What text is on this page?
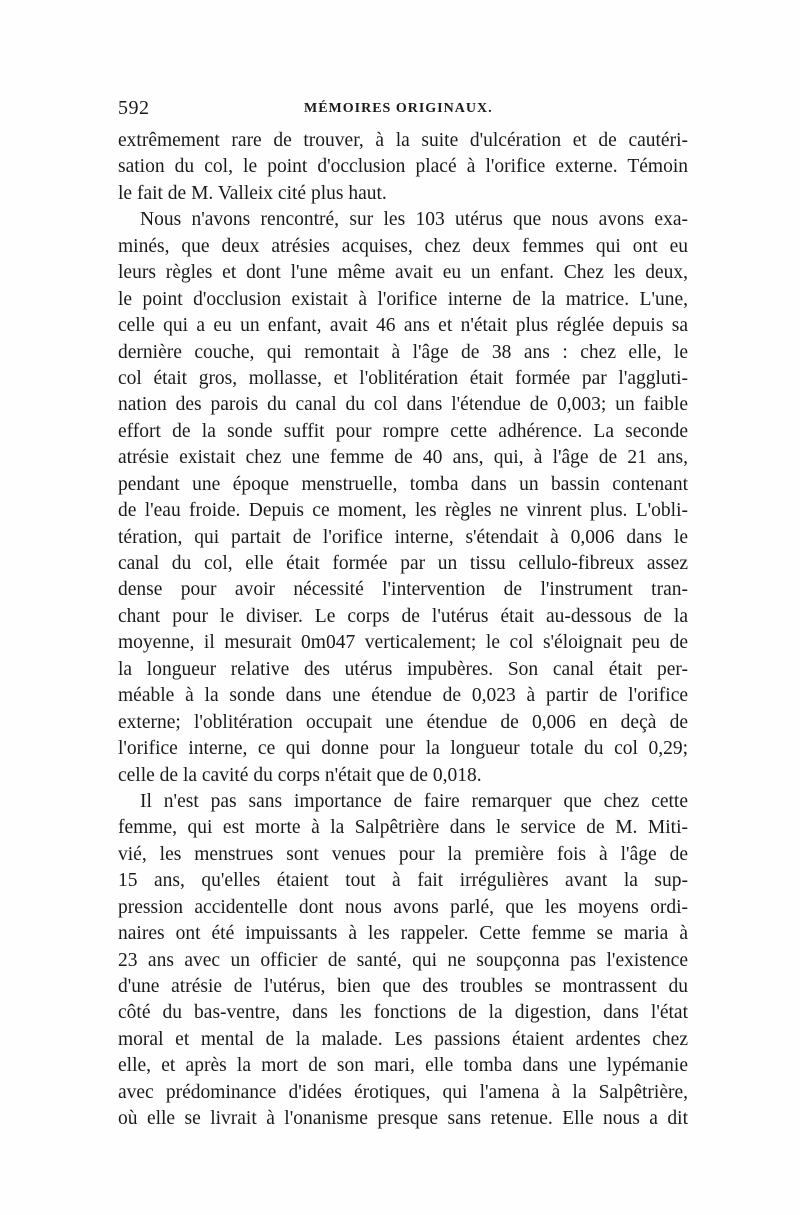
592	MÉMOIRES ORIGINAUX.
extrêmement rare de trouver, à la suite d'ulcération et de cautéri-
sation du col, le point d'occlusion placé à l'orifice externe. Témoin
le fait de M. Valleix cité plus haut.
Nous n'avons rencontré, sur les 103 utérus que nous avons exa-
minés, que deux atrésies acquises, chez deux femmes qui ont eu
leurs règles et dont l'une même avait eu un enfant. Chez les deux,
le point d'occlusion existait à l'orifice interne de la matrice. L'une,
celle qui a eu un enfant, avait 46 ans et n'était plus réglée depuis sa
dernière couche, qui remontait à l'âge de 38 ans : chez elle, le
col était gros, mollasse, et l'oblitération était formée par l'aggluti-
nation des parois du canal du col dans l'étendue de 0,003; un faible
effort de la sonde suffit pour rompre cette adhérence. La seconde
atrésie existait chez une femme de 40 ans, qui, à l'âge de 21 ans,
pendant une époque menstruelle, tomba dans un bassin contenant
de l'eau froide. Depuis ce moment, les règles ne vinrent plus. L'obli-
tération, qui partait de l'orifice interne, s'étendait à 0,006 dans le
canal du col, elle était formée par un tissu cellulo-fibreux assez
dense pour avoir nécessité l'intervention de l'instrument tran-
chant pour le diviser. Le corps de l'utérus était au-dessous de la
moyenne, il mesurait 0m047 verticalement; le col s'éloignait peu de
la longueur relative des utérus impubères. Son canal était per-
méable à la sonde dans une étendue de 0,023 à partir de l'orifice
externe; l'oblitération occupait une étendue de 0,006 en deçà de
l'orifice interne, ce qui donne pour la longueur totale du col 0,29;
celle de la cavité du corps n'était que de 0,018.
Il n'est pas sans importance de faire remarquer que chez cette
femme, qui est morte à la Salpêtrière dans le service de M. Miti-
vié, les menstrues sont venues pour la première fois à l'âge de
15 ans, qu'elles étaient tout à fait irrégulières avant la sup-
pression accidentelle dont nous avons parlé, que les moyens ordi-
naires ont été impuissants à les rappeler. Cette femme se maria à
23 ans avec un officier de santé, qui ne soupçonna pas l'existence
d'une atrésie de l'utérus, bien que des troubles se montrassent du
côté du bas-ventre, dans les fonctions de la digestion, dans l'état
moral et mental de la malade. Les passions étaient ardentes chez
elle, et après la mort de son mari, elle tomba dans une lypémanie
avec prédominance d'idées érotiques, qui l'amena à la Salpêtrière,
où elle se livrait à l'onanisme presque sans retenue. Elle nous a dit
